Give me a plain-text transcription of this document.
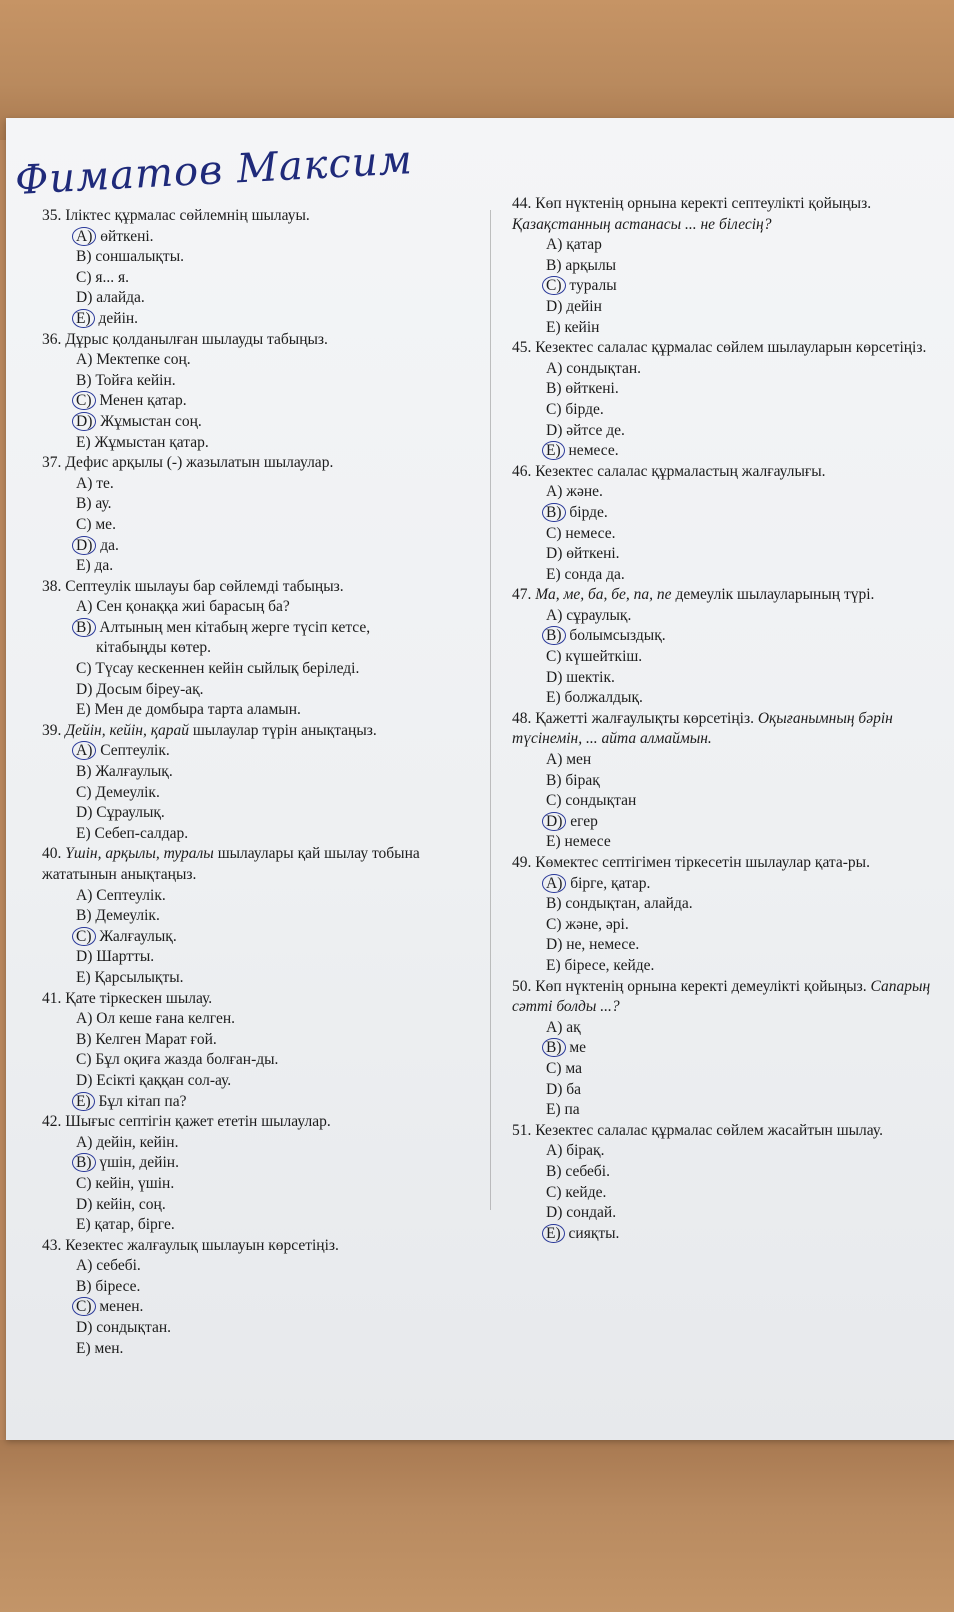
Фиматов Максим
35. Іліктес құрмалас сөйлемнің шылауы.
A) өйткені.
B) соншалықты.
C) я... я.
D) алайда.
E) дейін.
36. Дұрыс қолданылған шылауды табыңыз.
A) Мектепке соң.
B) Тойға кейін.
C) Менен қатар.
D) Жұмыстан соң.
E) Жұмыстан қатар.
37. Дефис арқылы (-) жазылатын шылаулар.
A) те.
B) ау.
C) ме.
D) да.
E) да.
38. Септеулік шылауы бар сөйлемді табыңыз.
A) Сен қонаққа жиі барасың ба?
B) Алтының мен кітабың жерге түсіп кетсе,
кітабыңды көтер.
C) Түсау кескеннен кейін сыйлық беріледі.
D) Досым біреу-ақ.
E) Мен де домбыра тарта аламын.
39. Дейін, кейін, қарай шылаулар түрін анықтаңыз.
A) Септеулік.
B) Жалғаулық.
C) Демеулік.
D) Сұраулық.
E) Себеп-салдар.
40. Үшін, арқылы, туралы шылаулары қай шылау тобына жататынын анықтаңыз.
A) Септеулік.
B) Демеулік.
C) Жалғаулық.
D) Шартты.
E) Қарсылықты.
41. Қате тіркескен шылау.
A) Ол кеше ғана келген.
B) Келген Марат ғой.
C) Бұл оқиға жазда болған-ды.
D) Есікті қаққан сол-ау.
E) Бұл кітап па?
42. Шығыс септігін қажет ететін шылаулар.
A) дейін, кейін.
B) үшін, дейін.
C) кейін, үшін.
D) кейін, соң.
E) қатар, бірге.
43. Кезектес жалғаулық шылауын көрсетіңіз.
A) себебі.
B) біресе.
C) менен.
D) сондықтан.
E) мен.
44. Көп нүктенің орнына керекті септеулікті қойыңыз. Қазақстанның астанасы ... не білесің?
A) қатар
B) арқылы
C) туралы
D) дейін
E) кейін
45. Кезектес салалас құрмалас сөйлем шылауларын көрсетіңіз.
A) сондықтан.
B) өйткені.
C) бірде.
D) әйтсе де.
E) немесе.
46. Кезектес салалас құрмаластың жалғаулығы.
A) және.
B) бірде.
C) немесе.
D) өйткені.
E) сонда да.
47. Ма, ме, ба, бе, па, пе демеулік шылауларының түрі.
A) сұраулық.
B) болымсыздық.
C) күшейткіш.
D) шектік.
E) болжалдық.
48. Қажетті жалғаулықты көрсетіңіз. Оқығанымның бәрін түсінемін, ... айта алмаймын.
A) мен
B) бірақ
C) сондықтан
D) егер
E) немесе
49. Көмектес септігімен тіркесетін шылаулар қата-ры.
A) бірге, қатар.
B) сондықтан, алайда.
C) және, әрі.
D) не, немесе.
E) біресе, кейде.
50. Көп нүктенің орнына керекті демеулікті қойыңыз. Сапарың сәтті болды ...?
A) ақ
B) ме
C) ма
D) ба
E) па
51. Кезектес салалас құрмалас сөйлем жасайтын шылау.
A) бірақ.
B) себебі.
C) кейде.
D) сондай.
E) сияқты.
